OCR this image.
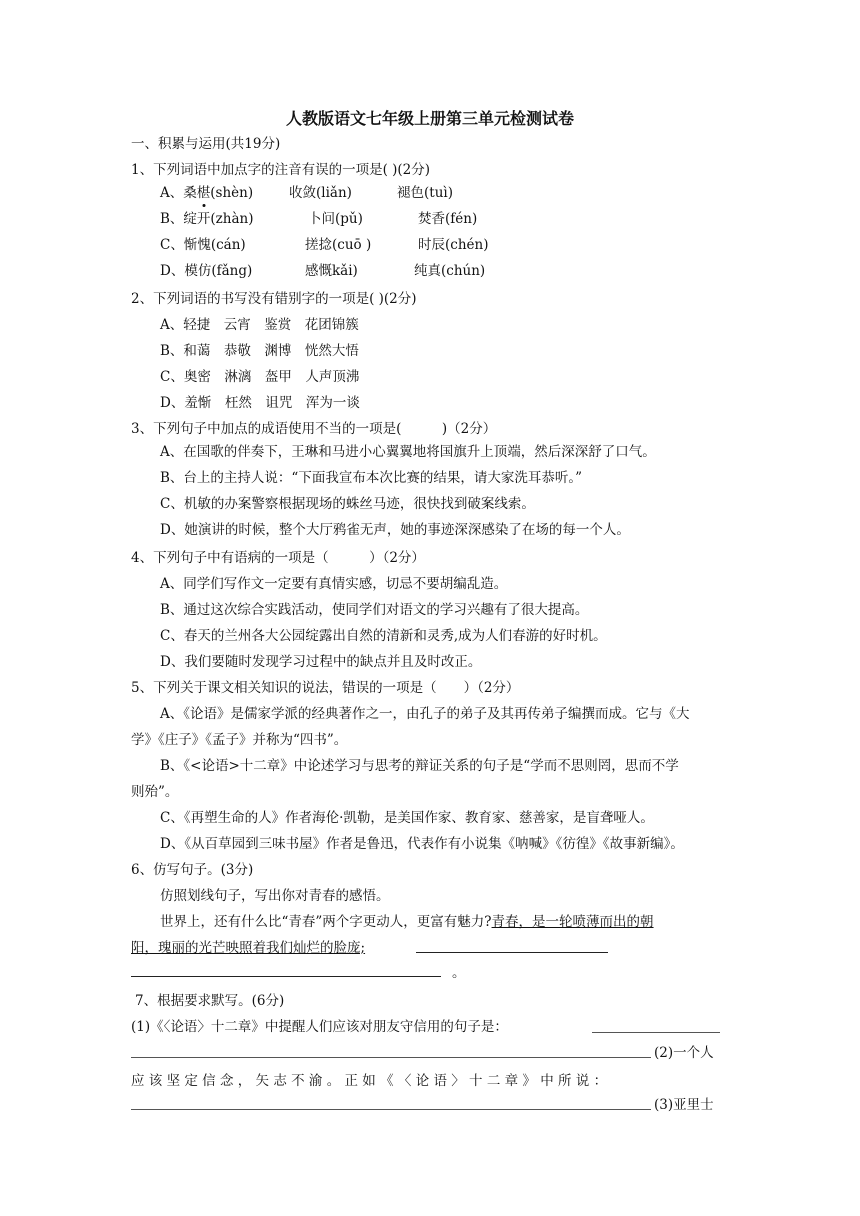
人教版语文七年级上册第三单元检测试卷
一、积累与运用(共19分)
1、下列词语中加点字的注音有误的一项是( )(2分)
A、桑椹(shèn)	收敛(liǎn)	褪色(tuì)
B、绽开(zhàn)	卜问(pǔ)	焚香(fén)
C、惭愧(cán)	搓捻(cuō )	时辰(chén)
D、模仿(fǎng)	感慨kǎi)	纯真(chún)
2、下列词语的书写没有错别字的一项是( )(2分)
A、轻捷　云宵　鉴赏　花团锦簇
B、和蔼　恭敬　渊博　恍然大悟
C、奥密　淋漓　盔甲　人声顶沸
D、羞惭　枉然　诅咒　浑为一谈
3、下列句子中加点的成语使用不当的一项是(　　　)（2分）
A、在国歌的伴奏下，王琳和马进小心翼翼地将国旗升上顶端，然后深深舒了口气。
B、台上的主持人说：“下面我宣布本次比赛的结果，请大家洗耳恭听。”
C、机敏的办案警察根据现场的蛛丝马迹，很快找到破案线索。
D、她演讲的时候，整个大厅鸦雀无声，她的事迹深深感染了在场的每一个人。
4、下列句子中有语病的一项是（　　　）（2分）
A、同学们写作文一定要有真情实感，切忌不要胡编乱造。
B、通过这次综合实践活动，使同学们对语文的学习兴趣有了很大提高。
C、春天的兰州各大公园绽露出自然的清新和灵秀,成为人们春游的好时机。
D、我们要随时发现学习过程中的缺点并且及时改正。
5、下列关于课文相关知识的说法，错误的一项是（　　）（2分）
A、《论语》是儒家学派的经典著作之一，由孔子的弟子及其再传弟子编撰而成。它与《大
学》《庄子》《孟子》并称为“四书”。
B、《<论语>十二章》中论述学习与思考的辩证关系的句子是“学而不思则罔，思而不学
则殆”。
C、《再塑生命的人》作者海伦·凯勒，是美国作家、教育家、慈善家，是盲聋哑人。
D、《从百草园到三味书屋》作者是鲁迅，代表作有小说集《呐喊》《彷徨》《故事新编》。
6、仿写句子。(3分)
仿照划线句子，写出你对青春的感悟。
世界上，还有什么比“青春”两个字更动人，更富有魅力?青春，是一轮喷薄而出的朝
阳，瑰丽的光芒映照着我们灿烂的脸庞;
。
7、根据要求默写。(6分)
(1)《〈论语〉十二章》中提醒人们应该对朋友守信用的句子是：
(2)一个人
应 该 坚 定 信 念 ， 矢 志 不 渝 。 正 如 《 〈 论 语 〉 十 二 章 》 中 所 说 ：
(3)亚里士
